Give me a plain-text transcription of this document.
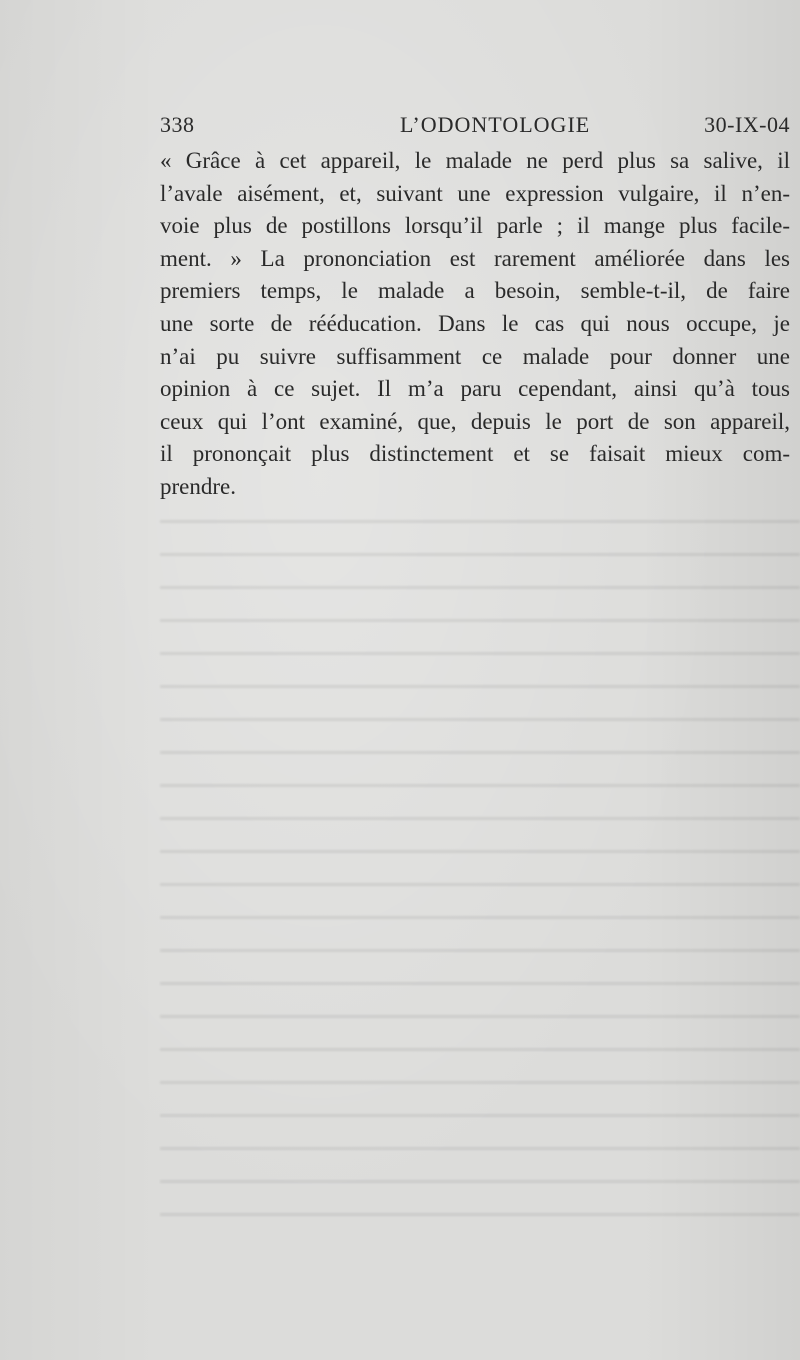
338	L’ODONTOLOGIE	30-IX-04
« Grâce à cet appareil, le malade ne perd plus sa salive, il
l’avale aisément, et, suivant une expression vulgaire, il n’en-
voie plus de postillons lorsqu’il parle ; il mange plus facile-
ment. » La prononciation est rarement améliorée dans les
premiers temps, le malade a besoin, semble-t-il, de faire
une sorte de rééducation. Dans le cas qui nous occupe, je
n’ai pu suivre suffisamment ce malade pour donner une
opinion à ce sujet. Il m’a paru cependant, ainsi qu’à tous
ceux qui l’ont examiné, que, depuis le port de son appareil,
il prononçait plus distinctement et se faisait mieux com-
prendre.
